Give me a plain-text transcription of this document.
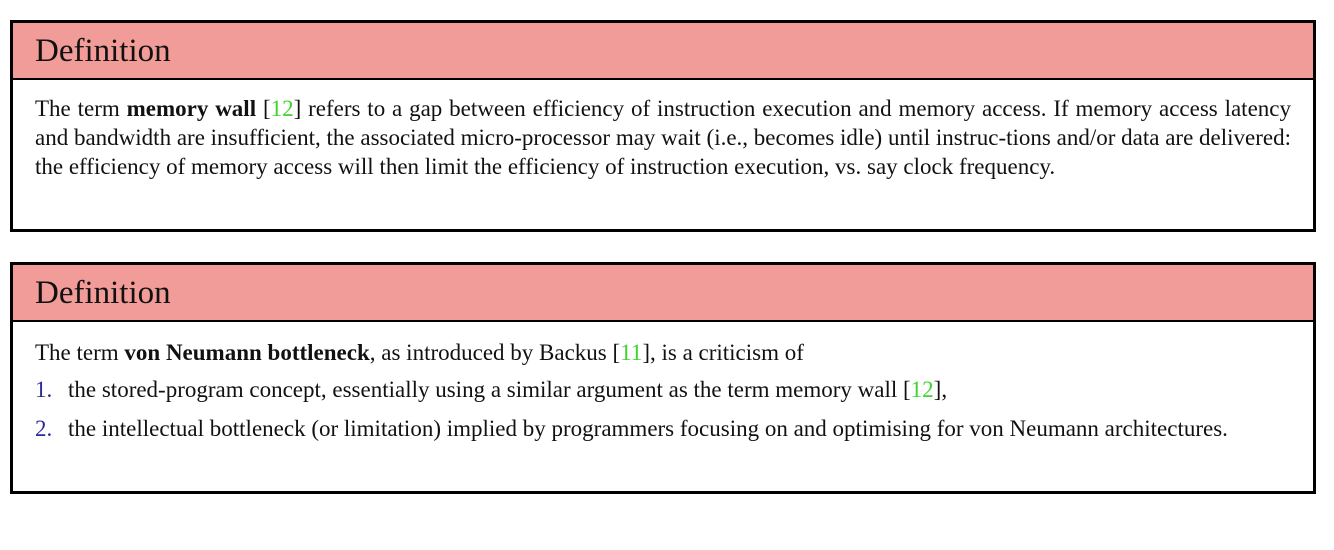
Definition
The term memory wall [12] refers to a gap between efficiency of instruction execution and memory access. If memory access latency and bandwidth are insufficient, the associated micro-processor may wait (i.e., becomes idle) until instruc-tions and/or data are delivered: the efficiency of memory access will then limit the efficiency of instruction execution, vs. say clock frequency.
Definition
The term von Neumann bottleneck, as introduced by Backus [11], is a criticism of
1. the stored-program concept, essentially using a similar argument as the term memory wall [12],
2. the intellectual bottleneck (or limitation) implied by programmers focusing on and optimising for von Neumann architectures.
